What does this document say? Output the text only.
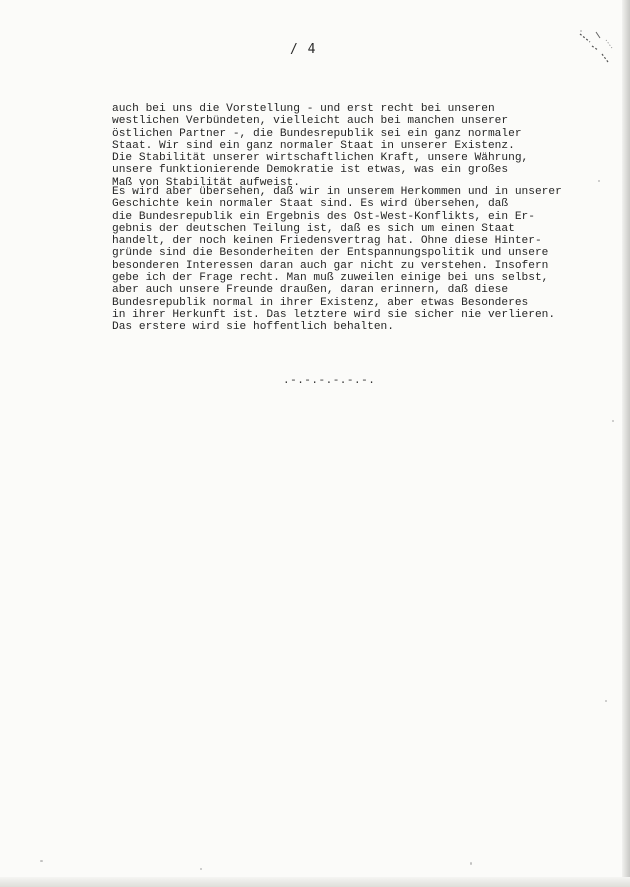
/ 4
auch bei uns die Vorstellung - und erst recht bei unseren
westlichen Verbündeten, vielleicht auch bei manchen unserer
östlichen Partner -, die Bundesrepublik sei ein ganz normaler
Staat. Wir sind ein ganz normaler Staat in unserer Existenz.
Die Stabilität unserer wirtschaftlichen Kraft, unsere Währung,
unsere funktionierende Demokratie ist etwas, was ein großes
Maß von Stabilität aufweist.
Es wird aber übersehen, daß wir in unserem Herkommen und in unserer
Geschichte kein normaler Staat sind. Es wird übersehen, daß
die Bundesrepublik ein Ergebnis des Ost-West-Konflikts, ein Er-
gebnis der deutschen Teilung ist, daß es sich um einen Staat
handelt, der noch keinen Friedensvertrag hat. Ohne diese Hinter-
gründe sind die Besonderheiten der Entspannungspolitik und unsere
besonderen Interessen daran auch gar nicht zu verstehen. Insofern
gebe ich der Frage recht. Man muß zuweilen einige bei uns selbst,
aber auch unsere Freunde draußen, daran erinnern, daß diese
Bundesrepublik normal in ihrer Existenz, aber etwas Besonderes
in ihrer Herkunft ist. Das letztere wird sie sicher nie verlieren.
Das erstere wird sie hoffentlich behalten.
.-.-.-.-.-.-.
